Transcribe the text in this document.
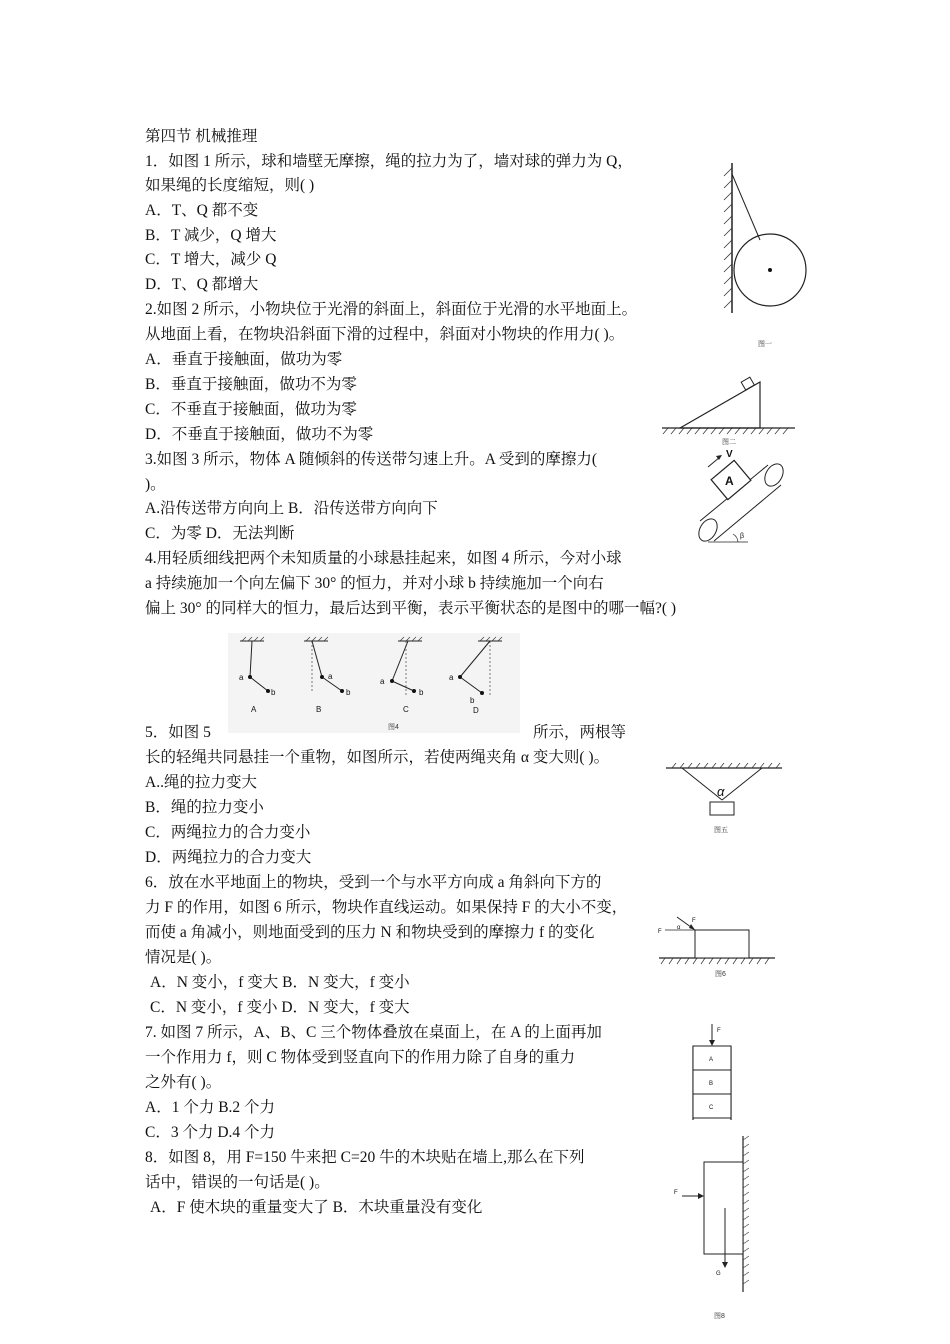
第四节 机械推理
1．如图 1 所示，球和墙壁无摩擦，绳的拉力为了，墙对球的弹力为 Q，
如果绳的长度缩短，则( )
A．T、Q 都不变
B．T 减少，Q 增大
C．T 增大，减少 Q
D．T、Q 都增大
2.如图 2 所示，小物块位于光滑的斜面上，斜面位于光滑的水平地面上。
从地面上看，在物块沿斜面下滑的过程中，斜面对小物块的作用力( )。
A．垂直于接触面，做功为零
B．垂直于接触面，做功不为零
C．不垂直于接触面，做功为零
D．不垂直于接触面，做功不为零
3.如图 3 所示，物体 A 随倾斜的传送带匀速上升。A 受到的摩擦力(
)。
A.沿传送带方向向上 B．沿传送带方向向下
C．为零 D．无法判断
4.用轻质细线把两个未知质量的小球悬挂起来，如图 4 所示，今对小球
a 持续施加一个向左偏下 30° 的恒力，并对小球 b 持续施加一个向右
偏上 30° 的同样大的恒力，最后达到平衡，表示平衡状态的是图中的哪一幅?( )
5．如图 5	所示，两根等
长的轻绳共同悬挂一个重物，如图所示，若使两绳夹角 α 变大则( )。
A..绳的拉力变大
B．绳的拉力变小
C．两绳拉力的合力变小
D．两绳拉力的合力变大
6．放在水平地面上的物块，受到一个与水平方向成 a 角斜向下方的
力 F 的作用，如图 6 所示，物块作直线运动。如果保持 F 的大小不变，
而使 a 角减小，则地面受到的压力 N 和物块受到的摩擦力 f 的变化
情况是( )。
A．N 变小，f 变大 B．N 变大，f 变小
C．N 变小，f 变小 D．N 变大，f 变大
7. 如图 7 所示，A、B、C 三个物体叠放在桌面上，在 A 的上面再加
一个作用力 f，则 C 物体受到竖直向下的作用力除了自身的重力
之外有( )。
A．1 个力 B.2 个力
C．3 个力 D.4 个力
8．如图 8，用 F=150 牛来把 C=20 牛的木块贴在墙上,那么在下列
话中，错误的一句话是( )。
A．F 使木块的重量变大了 B．木块重量没有变化
图一
图二
β
A
V
a
b
A
a
b
B
a
b
C
a
b
D
图4
α
图五
F
F
α
图6
F
A
B
C
F
G
图8
